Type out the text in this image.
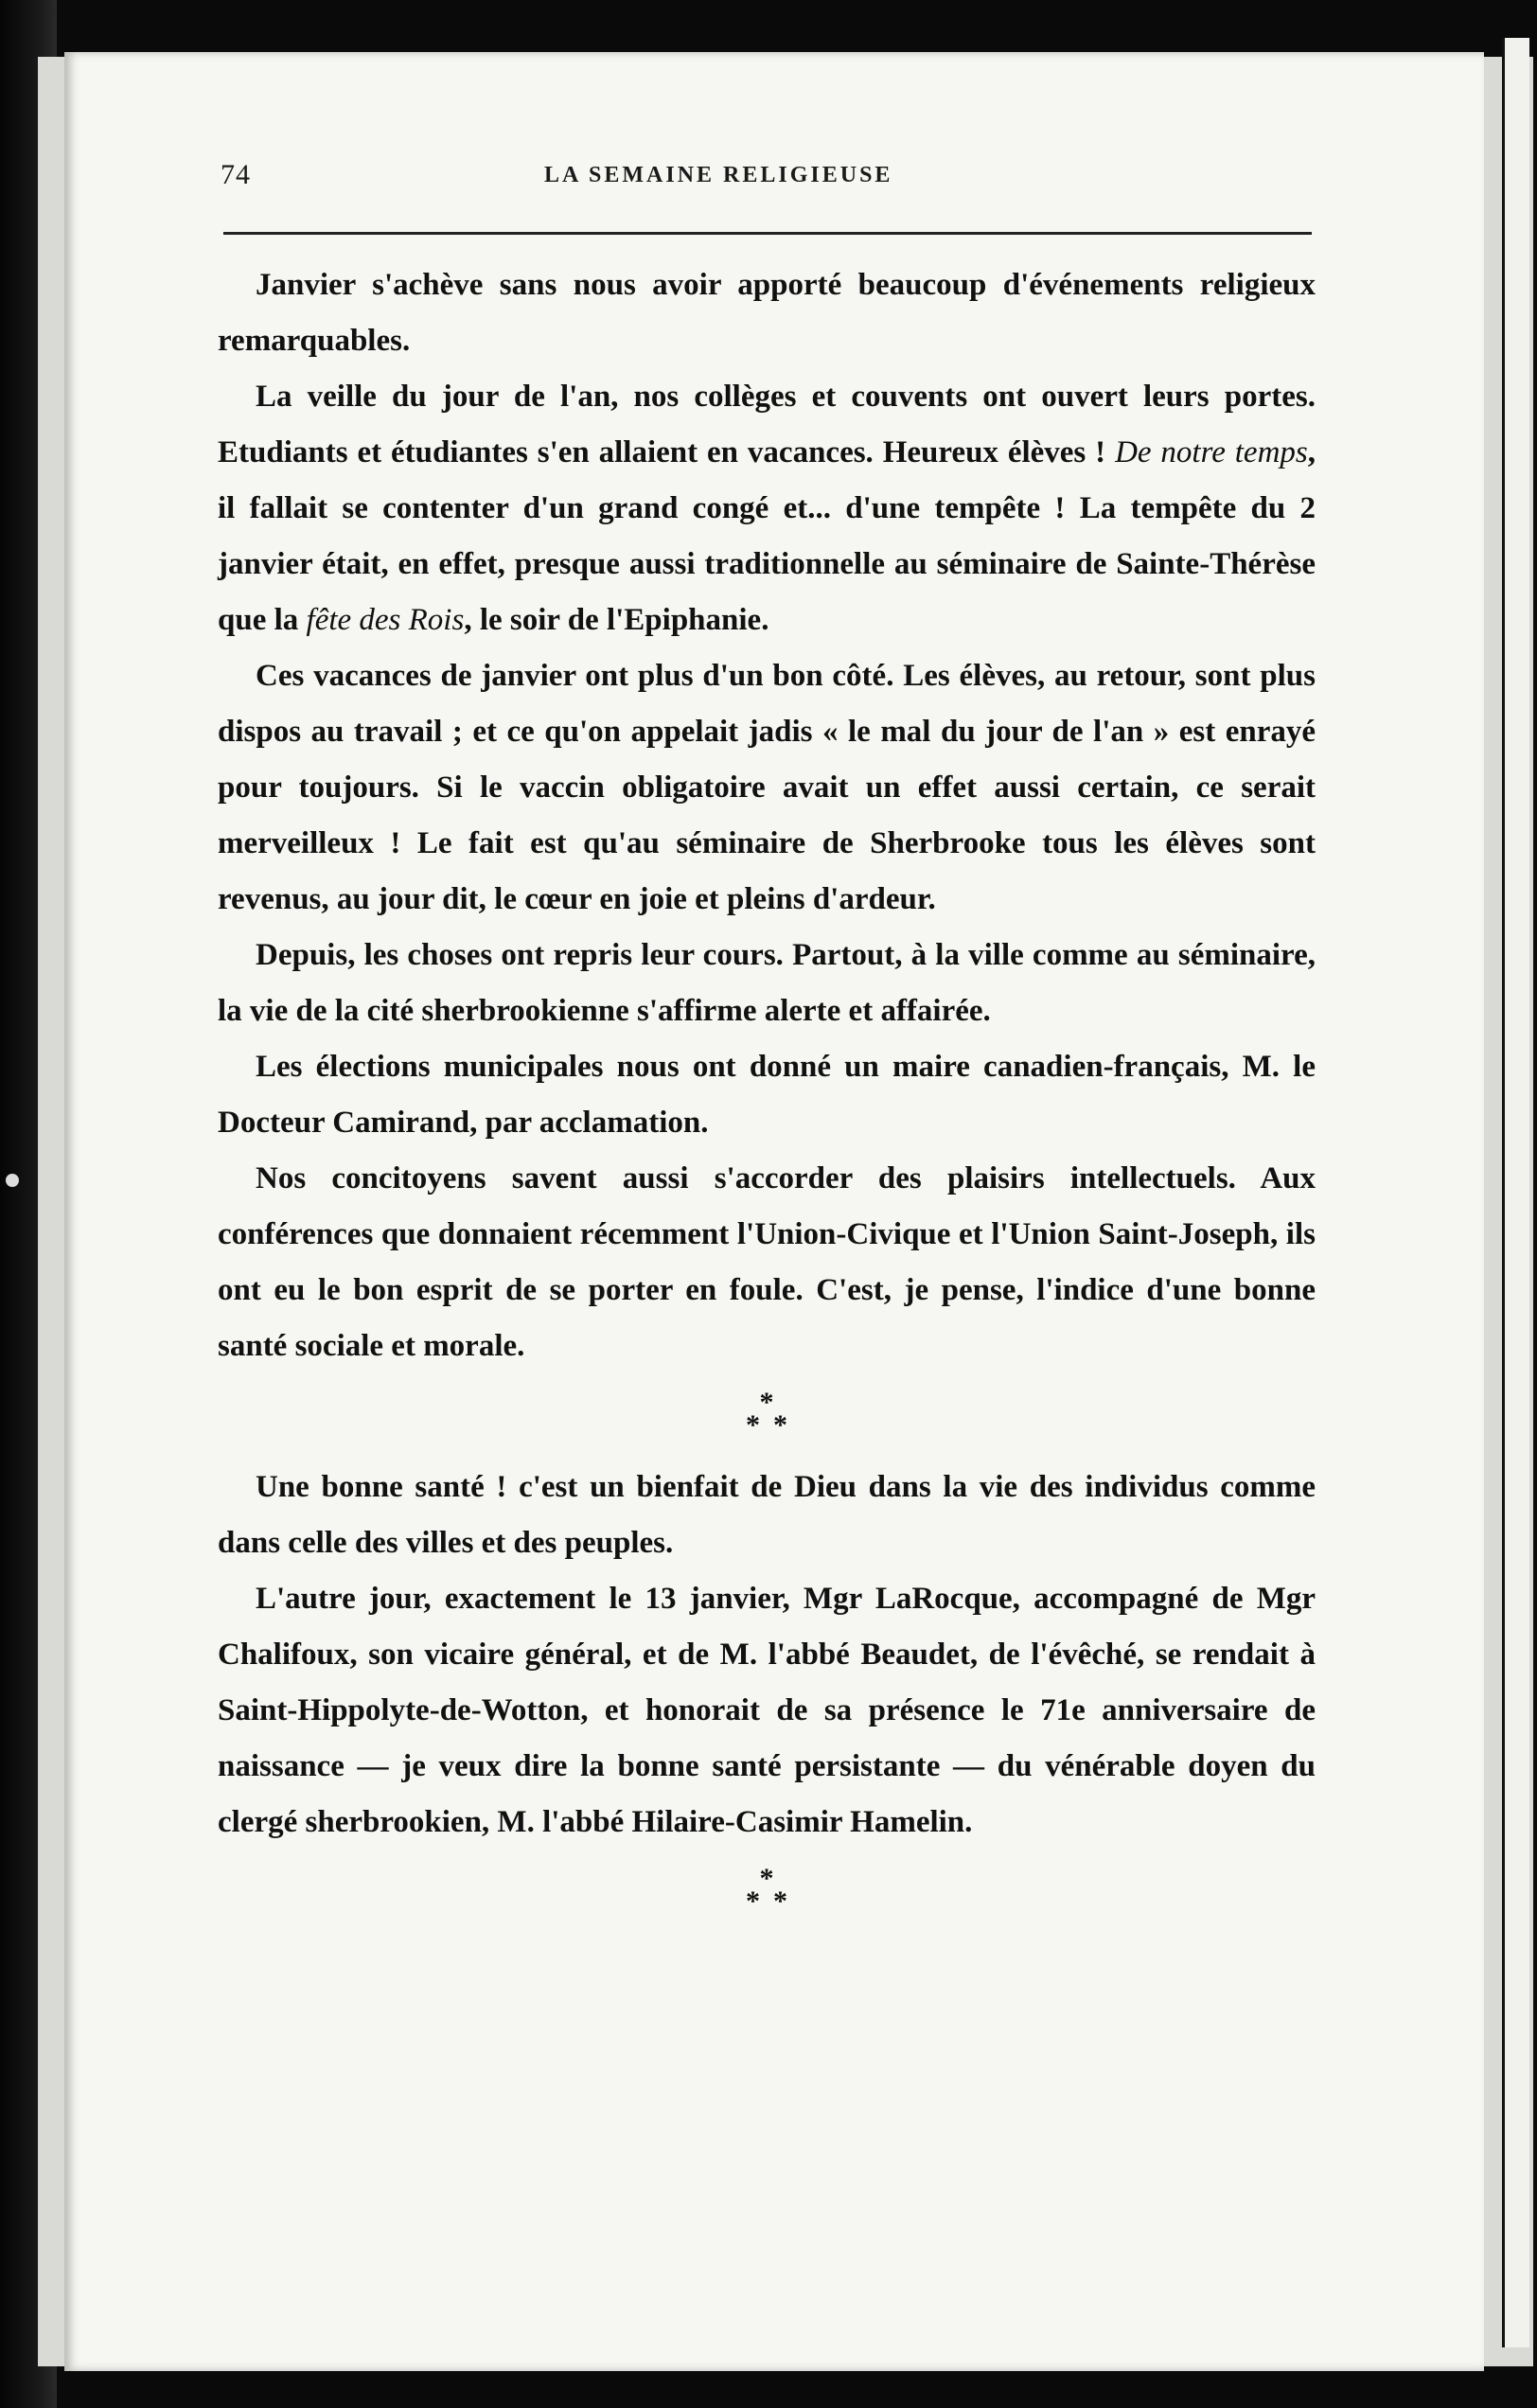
74	LA SEMAINE RELIGIEUSE

Janvier s'achève sans nous avoir apporté beaucoup d'événements religieux remarquables.

La veille du jour de l'an, nos collèges et couvents ont ouvert leurs portes. Etudiants et étudiantes s'en allaient en vacances. Heureux élèves ! De notre temps, il fallait se contenter d'un grand congé et... d'une tempête ! La tempête du 2 janvier était, en effet, presque aussi traditionnelle au séminaire de Sainte-Thérèse que la fête des Rois, le soir de l'Epiphanie.

Ces vacances de janvier ont plus d'un bon côté. Les élèves, au retour, sont plus dispos au travail ; et ce qu'on appelait jadis « le mal du jour de l'an » est enrayé pour toujours. Si le vaccin obligatoire avait un effet aussi certain, ce serait merveilleux ! Le fait est qu'au séminaire de Sherbrooke tous les élèves sont revenus, au jour dit, le cœur en joie et pleins d'ardeur.

Depuis, les choses ont repris leur cours. Partout, à la ville comme au séminaire, la vie de la cité sherbrookienne s'affirme alerte et affairée.

Les élections municipales nous ont donné un maire canadien-français, M. le Docteur Camirand, par acclamation.

Nos concitoyens savent aussi s'accorder des plaisirs intellectuels. Aux conférences que donnaient récemment l'Union-Civique et l'Union Saint-Joseph, ils ont eu le bon esprit de se porter en foule. C'est, je pense, l'indice d'une bonne santé sociale et morale.

*
**

Une bonne santé ! c'est un bienfait de Dieu dans la vie des individus comme dans celle des villes et des peuples.

L'autre jour, exactement le 13 janvier, Mgr LaRocque, accompagné de Mgr Chalifoux, son vicaire général, et de M. l'abbé Beaudet, de l'évêché, se rendait à Saint-Hippolyte-de-Wotton, et honorait de sa présence le 71e anniversaire de naissance — je veux dire la bonne santé persistante — du vénérable doyen du clergé sherbrookien, M. l'abbé Hilaire-Casimir Hamelin.

*
**
